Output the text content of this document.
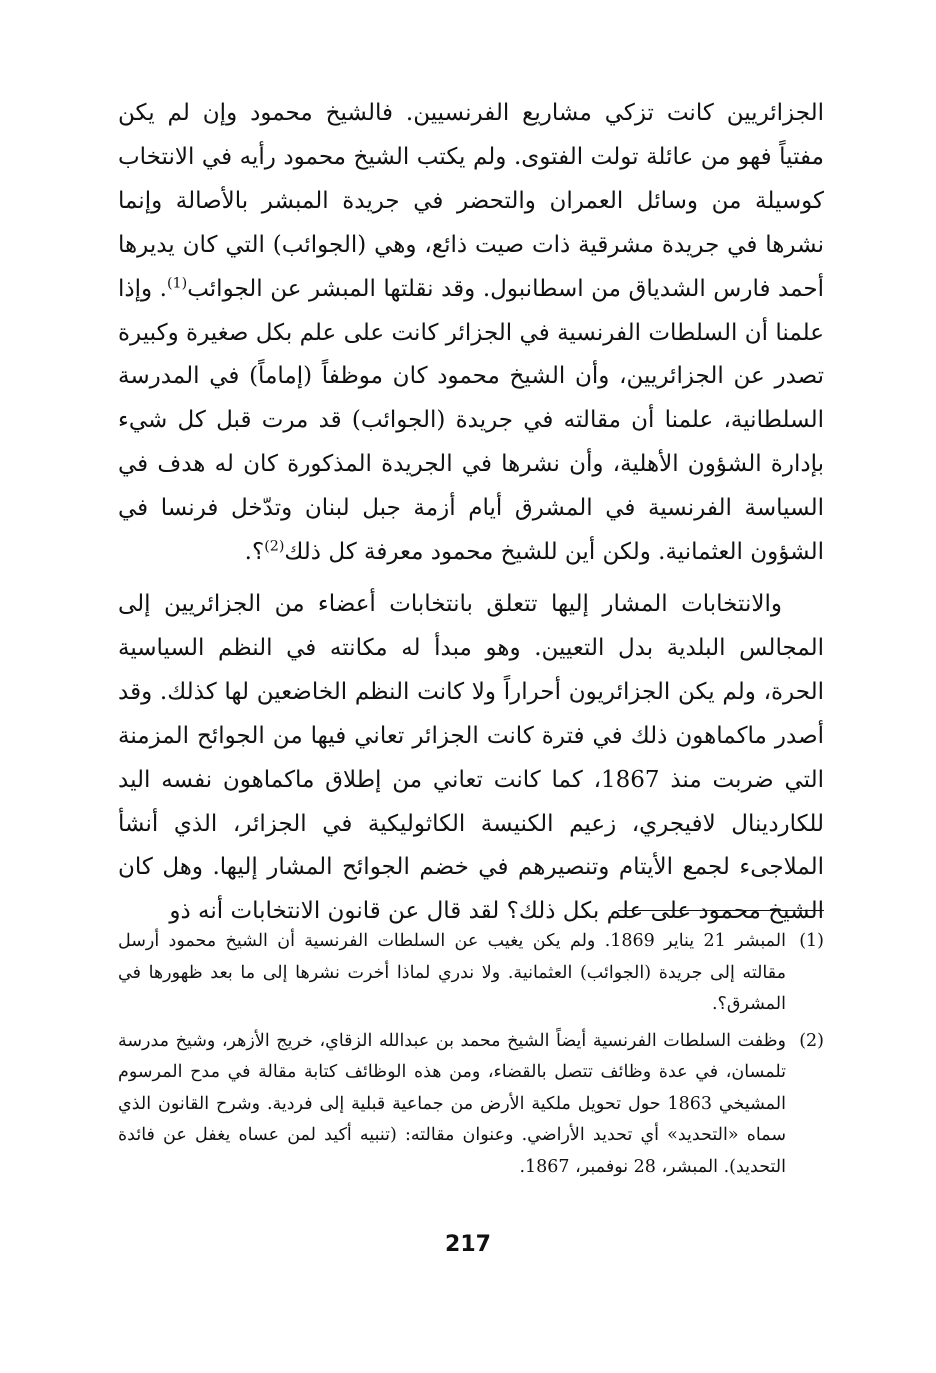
الجزائريين كانت تزكي مشاريع الفرنسيين. فالشيخ محمود وإن لم يكن مفتياً فهو من عائلة تولت الفتوى. ولم يكتب الشيخ محمود رأيه في الانتخاب كوسيلة من وسائل العمران والتحضر في جريدة المبشر بالأصالة وإنما نشرها في جريدة مشرقية ذات صيت ذائع، وهي (الجوائب) التي كان يديرها أحمد فارس الشدياق من اسطانبول. وقد نقلتها المبشر عن الجوائب$^{(1)}$. وإذا علمنا أن السلطات الفرنسية في الجزائر كانت على علم بكل صغيرة وكبيرة تصدر عن الجزائريين، وأن الشيخ محمود كان موظفاً (إماماً) في المدرسة السلطانية، علمنا أن مقالته في جريدة (الجوائب) قد مرت قبل كل شيء بإدارة الشؤون الأهلية، وأن نشرها في الجريدة المذكورة كان له هدف في السياسة الفرنسية في المشرق أيام أزمة جبل لبنان وتدّخل فرنسا في الشؤون العثمانية. ولكن أين للشيخ محمود معرفة كل ذلك$^{(2)}$؟.

والانتخابات المشار إليها تتعلق بانتخابات أعضاء من الجزائريين إلى المجالس البلدية بدل التعيين. وهو مبدأ له مكانته في النظم السياسية الحرة، ولم يكن الجزائريون أحراراً ولا كانت النظم الخاضعين لها كذلك. وقد أصدر ماكماهون ذلك في فترة كانت الجزائر تعاني فيها من الجوائح المزمنة التي ضربت منذ 1867، كما كانت تعاني من إطلاق ماكماهون نفسه اليد للكاردينال لافيجري، زعيم الكنيسة الكاثوليكية في الجزائر، الذي أنشأ الملاجىء لجمع الأيتام وتنصيرهم في خضم الجوائح المشار إليها. وهل كان الشيخ محمود على علم بكل ذلك؟ لقد قال عن قانون الانتخابات أنه ذو

(1)
المبشر 21 يناير 1869. ولم يكن يغيب عن السلطات الفرنسية أن الشيخ محمود أرسل مقالته إلى جريدة (الجوائب) العثمانية. ولا ندري لماذا أخرت نشرها إلى ما بعد ظهورها في المشرق؟.
(2)
وظفت السلطات الفرنسية أيضاً الشيخ محمد بن عبدالله الزقاي، خريج الأزهر، وشيخ مدرسة تلمسان، في عدة وظائف تتصل بالقضاء، ومن هذه الوظائف كتابة مقالة في مدح المرسوم المشيخي 1863 حول تحويل ملكية الأرض من جماعية قبلية إلى فردية. وشرح القانون الذي سماه «التحديد» أي تحديد الأراضي. وعنوان مقالته: (تنبيه أكيد لمن عساه يغفل عن فائدة التحديد). المبشر، 28 نوفمبر، 1867.
217
